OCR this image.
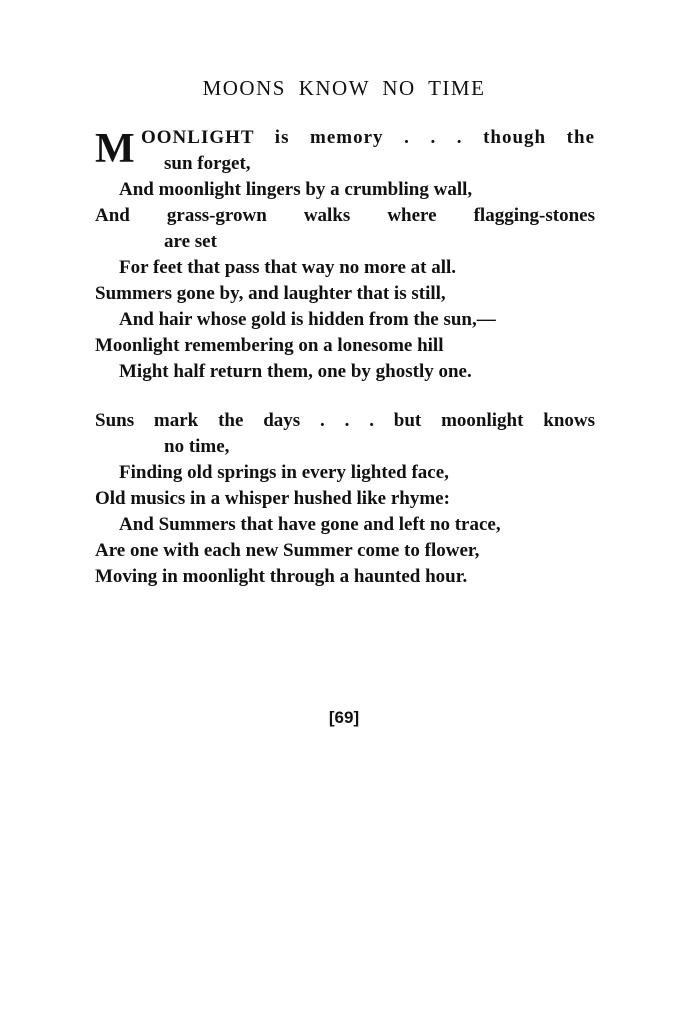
MOONS KNOW NO TIME
M OONLIGHT is memory . . . though the
sun forget,
And moonlight lingers by a crumbling wall,
And grass-grown walks where flagging-stones
are set
For feet that pass that way no more at all.
Summers gone by, and laughter that is still,
And hair whose gold is hidden from the sun,—
Moonlight remembering on a lonesome hill
Might half return them, one by ghostly one.
Suns mark the days . . . but moonlight knows
no time,
Finding old springs in every lighted face,
Old musics in a whisper hushed like rhyme:
And Summers that have gone and left no trace,
Are one with each new Summer come to flower,
Moving in moonlight through a haunted hour.
[69]
